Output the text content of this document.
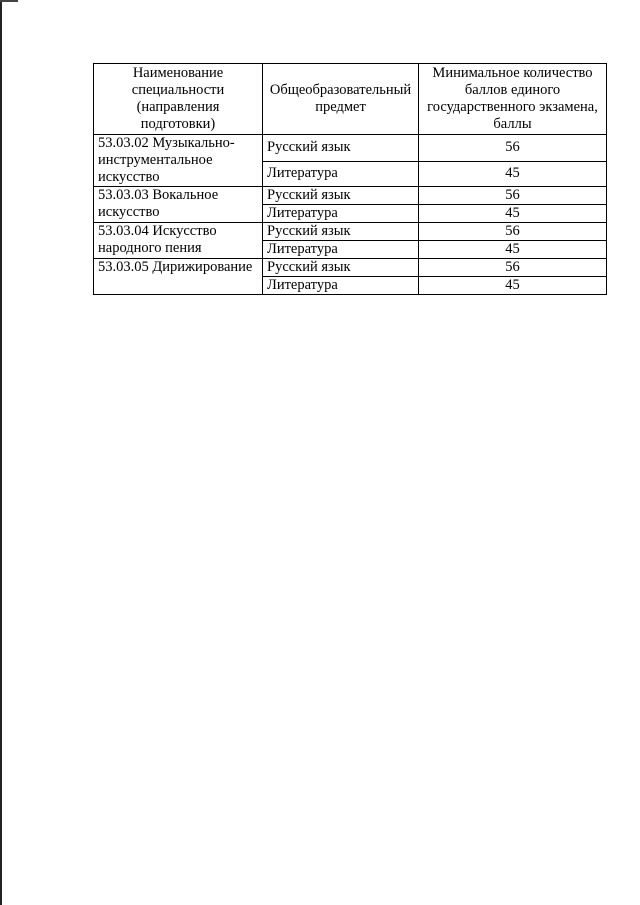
Наименование специальности (направления подготовки)	Общеобразовательный предмет	Минимальное количество баллов единого государственного экзамена, баллы
53.03.02 Музыкально-инструментальное искусство	Русский язык	56
	Литература	45
53.03.03 Вокальное искусство	Русский язык	56
	Литература	45
53.03.04 Искусство народного пения	Русский язык	56
	Литература	45
53.03.05 Дирижирование	Русский язык	56
	Литература	45
